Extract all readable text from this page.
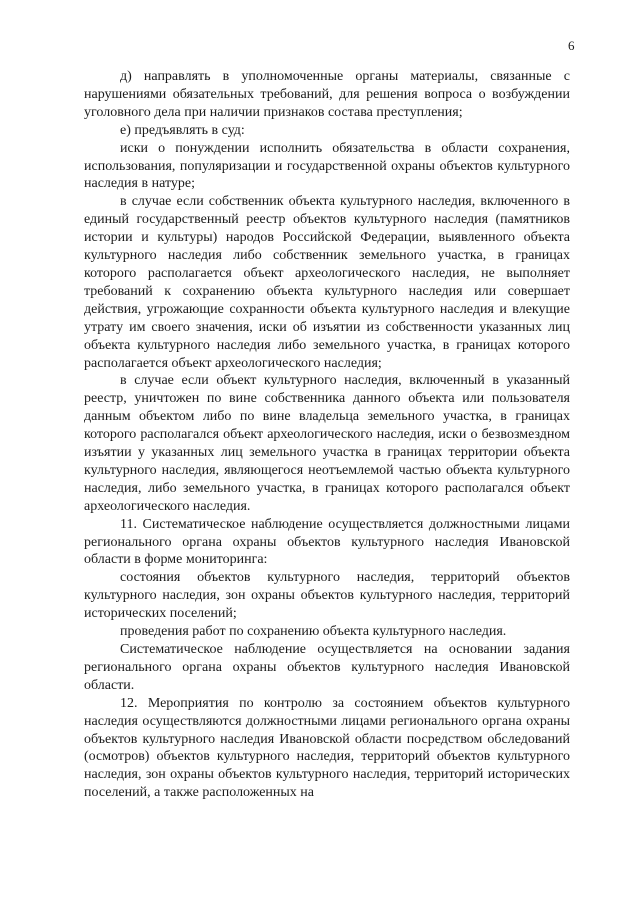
6

д) направлять в уполномоченные органы материалы, связанные с нарушениями обязательных требований, для решения вопроса о возбуждении уголовного дела при наличии признаков состава преступления;

е) предъявлять в суд:

иски о понуждении исполнить обязательства в области сохранения, использования, популяризации и государственной охраны объектов культурного наследия в натуре;

в случае если собственник объекта культурного наследия, включенного в единый государственный реестр объектов культурного наследия (памятников истории и культуры) народов Российской Федерации, выявленного объекта культурного наследия либо собственник земельного участка, в границах которого располагается объект археологического наследия, не выполняет требований к сохранению объекта культурного наследия или совершает действия, угрожающие сохранности объекта культурного наследия и влекущие утрату им своего значения, иски об изъятии из собственности указанных лиц объекта культурного наследия либо земельного участка, в границах которого располагается объект археологического наследия;

в случае если объект культурного наследия, включенный в указанный реестр, уничтожен по вине собственника данного объекта или пользователя данным объектом либо по вине владельца земельного участка, в границах которого располагался объект археологического наследия, иски о безвозмездном изъятии у указанных лиц земельного участка в границах территории объекта культурного наследия, являющегося неотъемлемой частью объекта культурного наследия, либо земельного участка, в границах которого располагался объект археологического наследия.

11. Систематическое наблюдение осуществляется должностными лицами регионального органа охраны объектов культурного наследия Ивановской области в форме мониторинга:

состояния объектов культурного наследия, территорий объектов культурного наследия, зон охраны объектов культурного наследия, территорий исторических поселений;

проведения работ по сохранению объекта культурного наследия.

Систематическое наблюдение осуществляется на основании задания регионального органа охраны объектов культурного наследия Ивановской области.

12. Мероприятия по контролю за состоянием объектов культурного наследия осуществляются должностными лицами регионального органа охраны объектов культурного наследия Ивановской области посредством обследований (осмотров) объектов культурного наследия, территорий объектов культурного наследия, зон охраны объектов культурного наследия, территорий исторических поселений, а также расположенных на
